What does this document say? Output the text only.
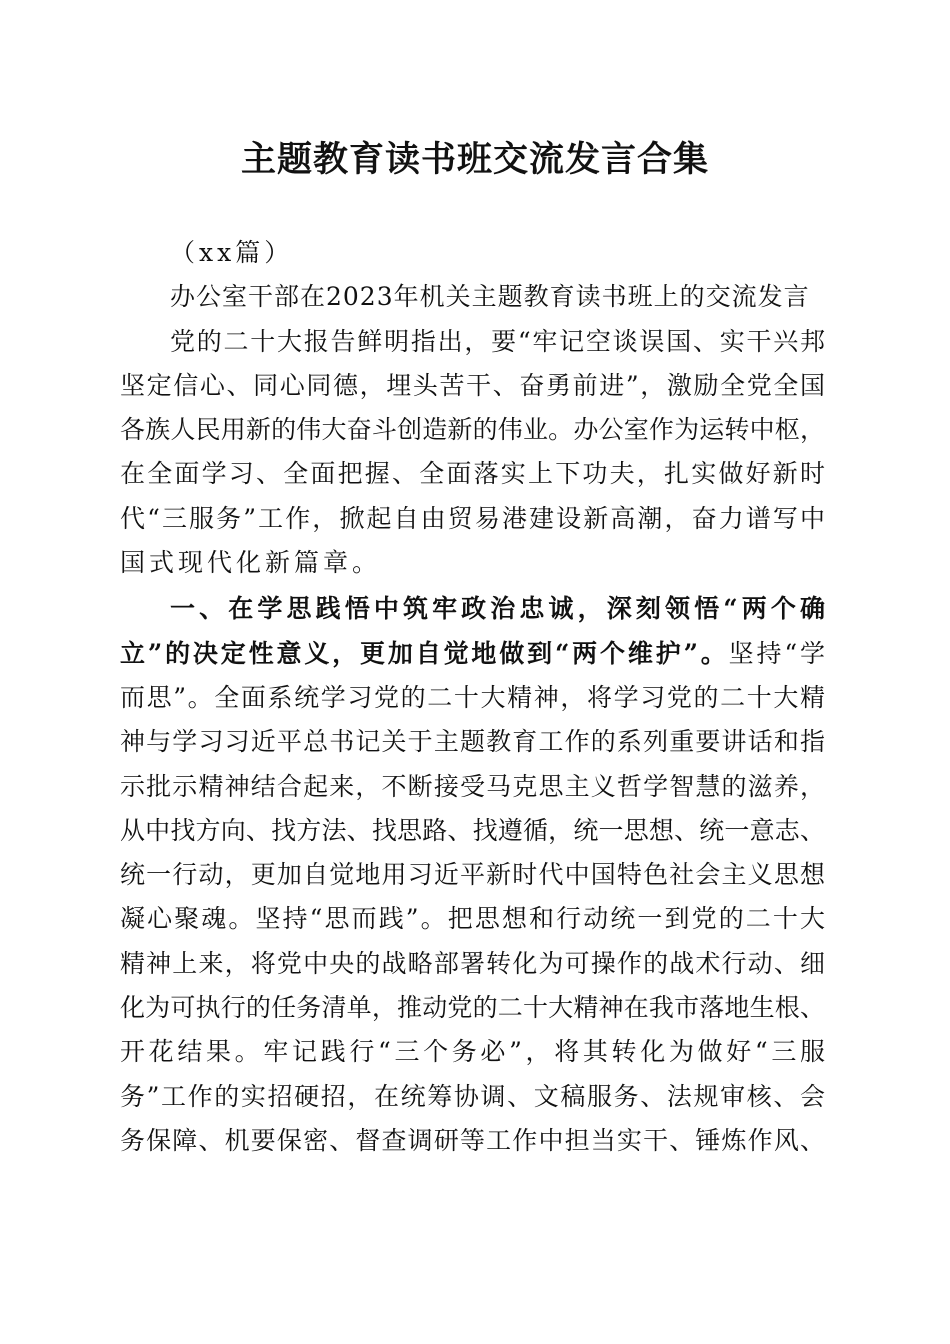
主题教育读书班交流发言合集
（xx篇）
办公室干部在2023年机关主题教育读书班上的交流发言
党的二十大报告鲜明指出，要“牢记空谈误国、实干兴邦
坚定信心、同心同德，埋头苦干、奋勇前进”，激励全党全国
各族人民用新的伟大奋斗创造新的伟业。办公室作为运转中枢，
在全面学习、全面把握、全面落实上下功夫，扎实做好新时
代“三服务”工作，掀起自由贸易港建设新高潮，奋力谱写中
国式现代化新篇章。
一、在学思践悟中筑牢政治忠诚，深刻领悟“两个确
立”的决定性意义，更加自觉地做到“两个维护”。坚持“学
而思”。全面系统学习党的二十大精神，将学习党的二十大精
神与学习习近平总书记关于主题教育工作的系列重要讲话和指
示批示精神结合起来，不断接受马克思主义哲学智慧的滋养，
从中找方向、找方法、找思路、找遵循，统一思想、统一意志、
统一行动，更加自觉地用习近平新时代中国特色社会主义思想
凝心聚魂。坚持“思而践”。把思想和行动统一到党的二十大
精神上来，将党中央的战略部署转化为可操作的战术行动、细
化为可执行的任务清单，推动党的二十大精神在我市落地生根、
开花结果。牢记践行“三个务必”，将其转化为做好“三服
务”工作的实招硬招，在统筹协调、文稿服务、法规审核、会
务保障、机要保密、督查调研等工作中担当实干、锤炼作风、
